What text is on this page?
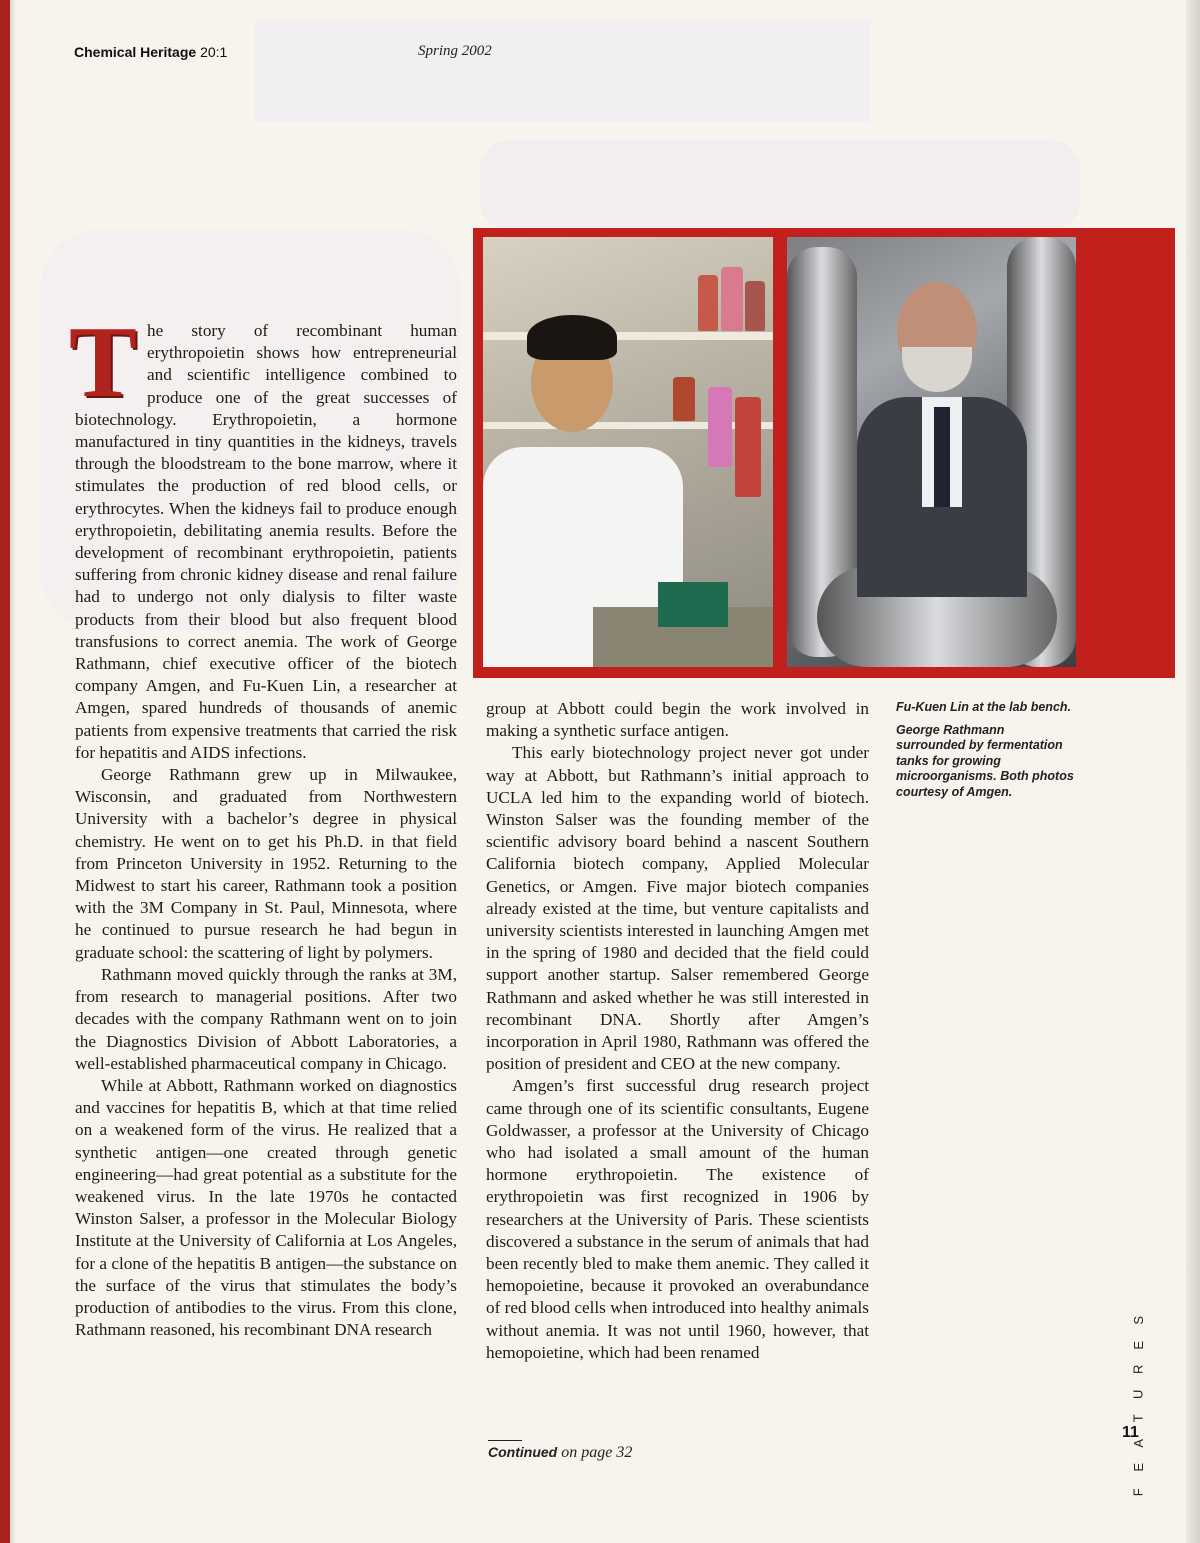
Chemical Heritage 20:1	Spring 2002

Fu-Kuen Lin at the lab bench.

George Rathmann surrounded by fermentation tanks for growing microorganisms. Both photos courtesy of Amgen.

The story of recombinant human erythropoietin shows how entrepreneurial and scientific intelligence combined to produce one of the great successes of biotechnology. Erythropoietin, a hormone manufactured in tiny quantities in the kidneys, travels through the bloodstream to the bone marrow, where it stimulates the production of red blood cells, or erythrocytes. When the kidneys fail to produce enough erythropoietin, debilitating anemia results. Before the development of recombinant erythropoietin, patients suffering from chronic kidney disease and renal failure had to undergo not only dialysis to filter waste products from their blood but also frequent blood transfusions to correct anemia. The work of George Rathmann, chief executive officer of the biotech company Amgen, and Fu-Kuen Lin, a researcher at Amgen, spared hundreds of thousands of anemic patients from expensive treatments that carried the risk for hepatitis and AIDS infections.

George Rathmann grew up in Milwaukee, Wisconsin, and graduated from Northwestern University with a bachelor’s degree in physical chemistry. He went on to get his Ph.D. in that field from Princeton University in 1952. Returning to the Midwest to start his career, Rathmann took a position with the 3M Company in St. Paul, Minnesota, where he continued to pursue research he had begun in graduate school: the scattering of light by polymers.

Rathmann moved quickly through the ranks at 3M, from research to managerial positions. After two decades with the company Rathmann went on to join the Diagnostics Division of Abbott Laboratories, a well-established pharmaceutical company in Chicago.

While at Abbott, Rathmann worked on diagnostics and vaccines for hepatitis B, which at that time relied on a weakened form of the virus. He realized that a synthetic antigen—one created through genetic engineering—had great potential as a substitute for the weakened virus. In the late 1970s he contacted Winston Salser, a professor in the Molecular Biology Institute at the University of California at Los Angeles, for a clone of the hepatitis B antigen—the substance on the surface of the virus that stimulates the body’s production of antibodies to the virus. From this clone, Rathmann reasoned, his recombinant DNA research

group at Abbott could begin the work involved in making a synthetic surface antigen.

This early biotechnology project never got under way at Abbott, but Rathmann’s initial approach to UCLA led him to the expanding world of biotech. Winston Salser was the founding member of the scientific advisory board behind a nascent Southern California biotech company, Applied Molecular Genetics, or Amgen. Five major biotech companies already existed at the time, but venture capitalists and university scientists interested in launching Amgen met in the spring of 1980 and decided that the field could support another startup. Salser remembered George Rathmann and asked whether he was still interested in recombinant DNA. Shortly after Amgen’s incorporation in April 1980, Rathmann was offered the position of president and CEO at the new company.

Amgen’s first successful drug research project came through one of its scientific consultants, Eugene Goldwasser, a professor at the University of Chicago who had isolated a small amount of the human hormone erythropoietin. The existence of erythropoietin was first recognized in 1906 by researchers at the University of Paris. These scientists discovered a substance in the serum of animals that had been recently bled to make them anemic. They called it hemopoietine, because it provoked an overabundance of red blood cells when introduced into healthy animals without anemia. It was not until 1960, however, that hemopoietine, which had been renamed

Continued on page 32
F
E
A
T
U
R
E
S
11
